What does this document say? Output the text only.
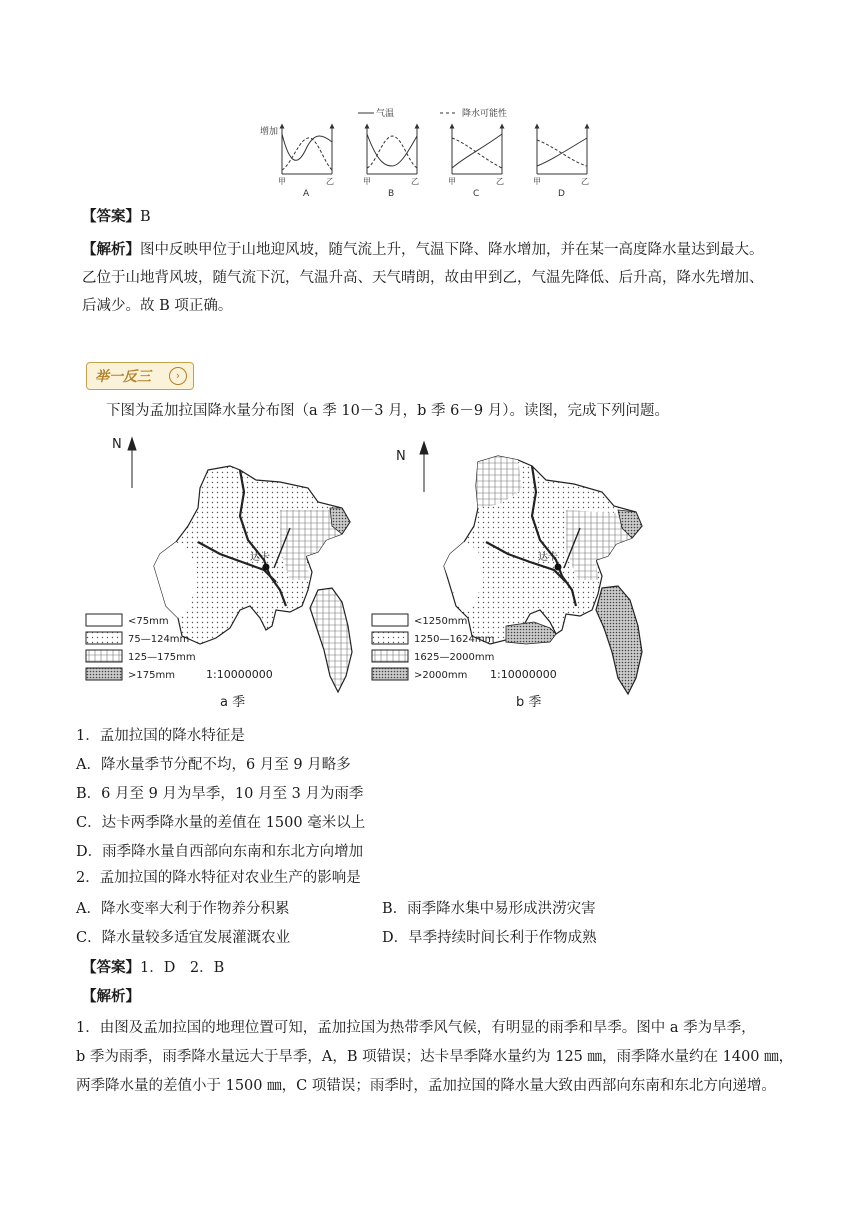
气温	降水可能性
增加
甲	乙
A
甲	乙
B
甲	乙
C
甲	乙
D
【答案】B
【解析】图中反映甲位于山地迎风坡，随气流上升，气温下降、降水增加，并在某一高度降水量达到最大。
乙位于山地背风坡，随气流下沉，气温升高、天气晴朗，故由甲到乙，气温先降低、后升高，降水先增加、
后减少。故 B 项正确。
举一反三	›
下图为孟加拉国降水量分布图（a 季 10－3 月，b 季 6－9 月）。读图，完成下列问题。
N
达卡
<75mm
75—124mm
125—175mm
>175mm	1:10000000
a 季
N
达卡
<1250mm
1250—1624mm
1625—2000mm
>2000mm 1:10000000
b 季
1．孟加拉国的降水特征是
A．降水量季节分配不均，6 月至 9 月略多
B．6 月至 9 月为旱季，10 月至 3 月为雨季
C．达卡两季降水量的差值在 1500 毫米以上
D．雨季降水量自西部向东南和东北方向增加
2．孟加拉国的降水特征对农业生产的影响是
A．降水变率大利于作物养分积累	B．雨季降水集中易形成洪涝灾害
C．降水量较多适宜发展灌溉农业	D．旱季持续时间长利于作物成熟
【答案】1．D　2．B
【解析】
1．由图及孟加拉国的地理位置可知，孟加拉国为热带季风气候，有明显的雨季和旱季。图中 a 季为旱季，
b 季为雨季，雨季降水量远大于旱季，A，B 项错误；达卡旱季降水量约为 125 ㎜，雨季降水量约在 1400 ㎜，
两季降水量的差值小于 1500 ㎜，C 项错误；雨季时，孟加拉国的降水量大致由西部向东南和东北方向递增。
